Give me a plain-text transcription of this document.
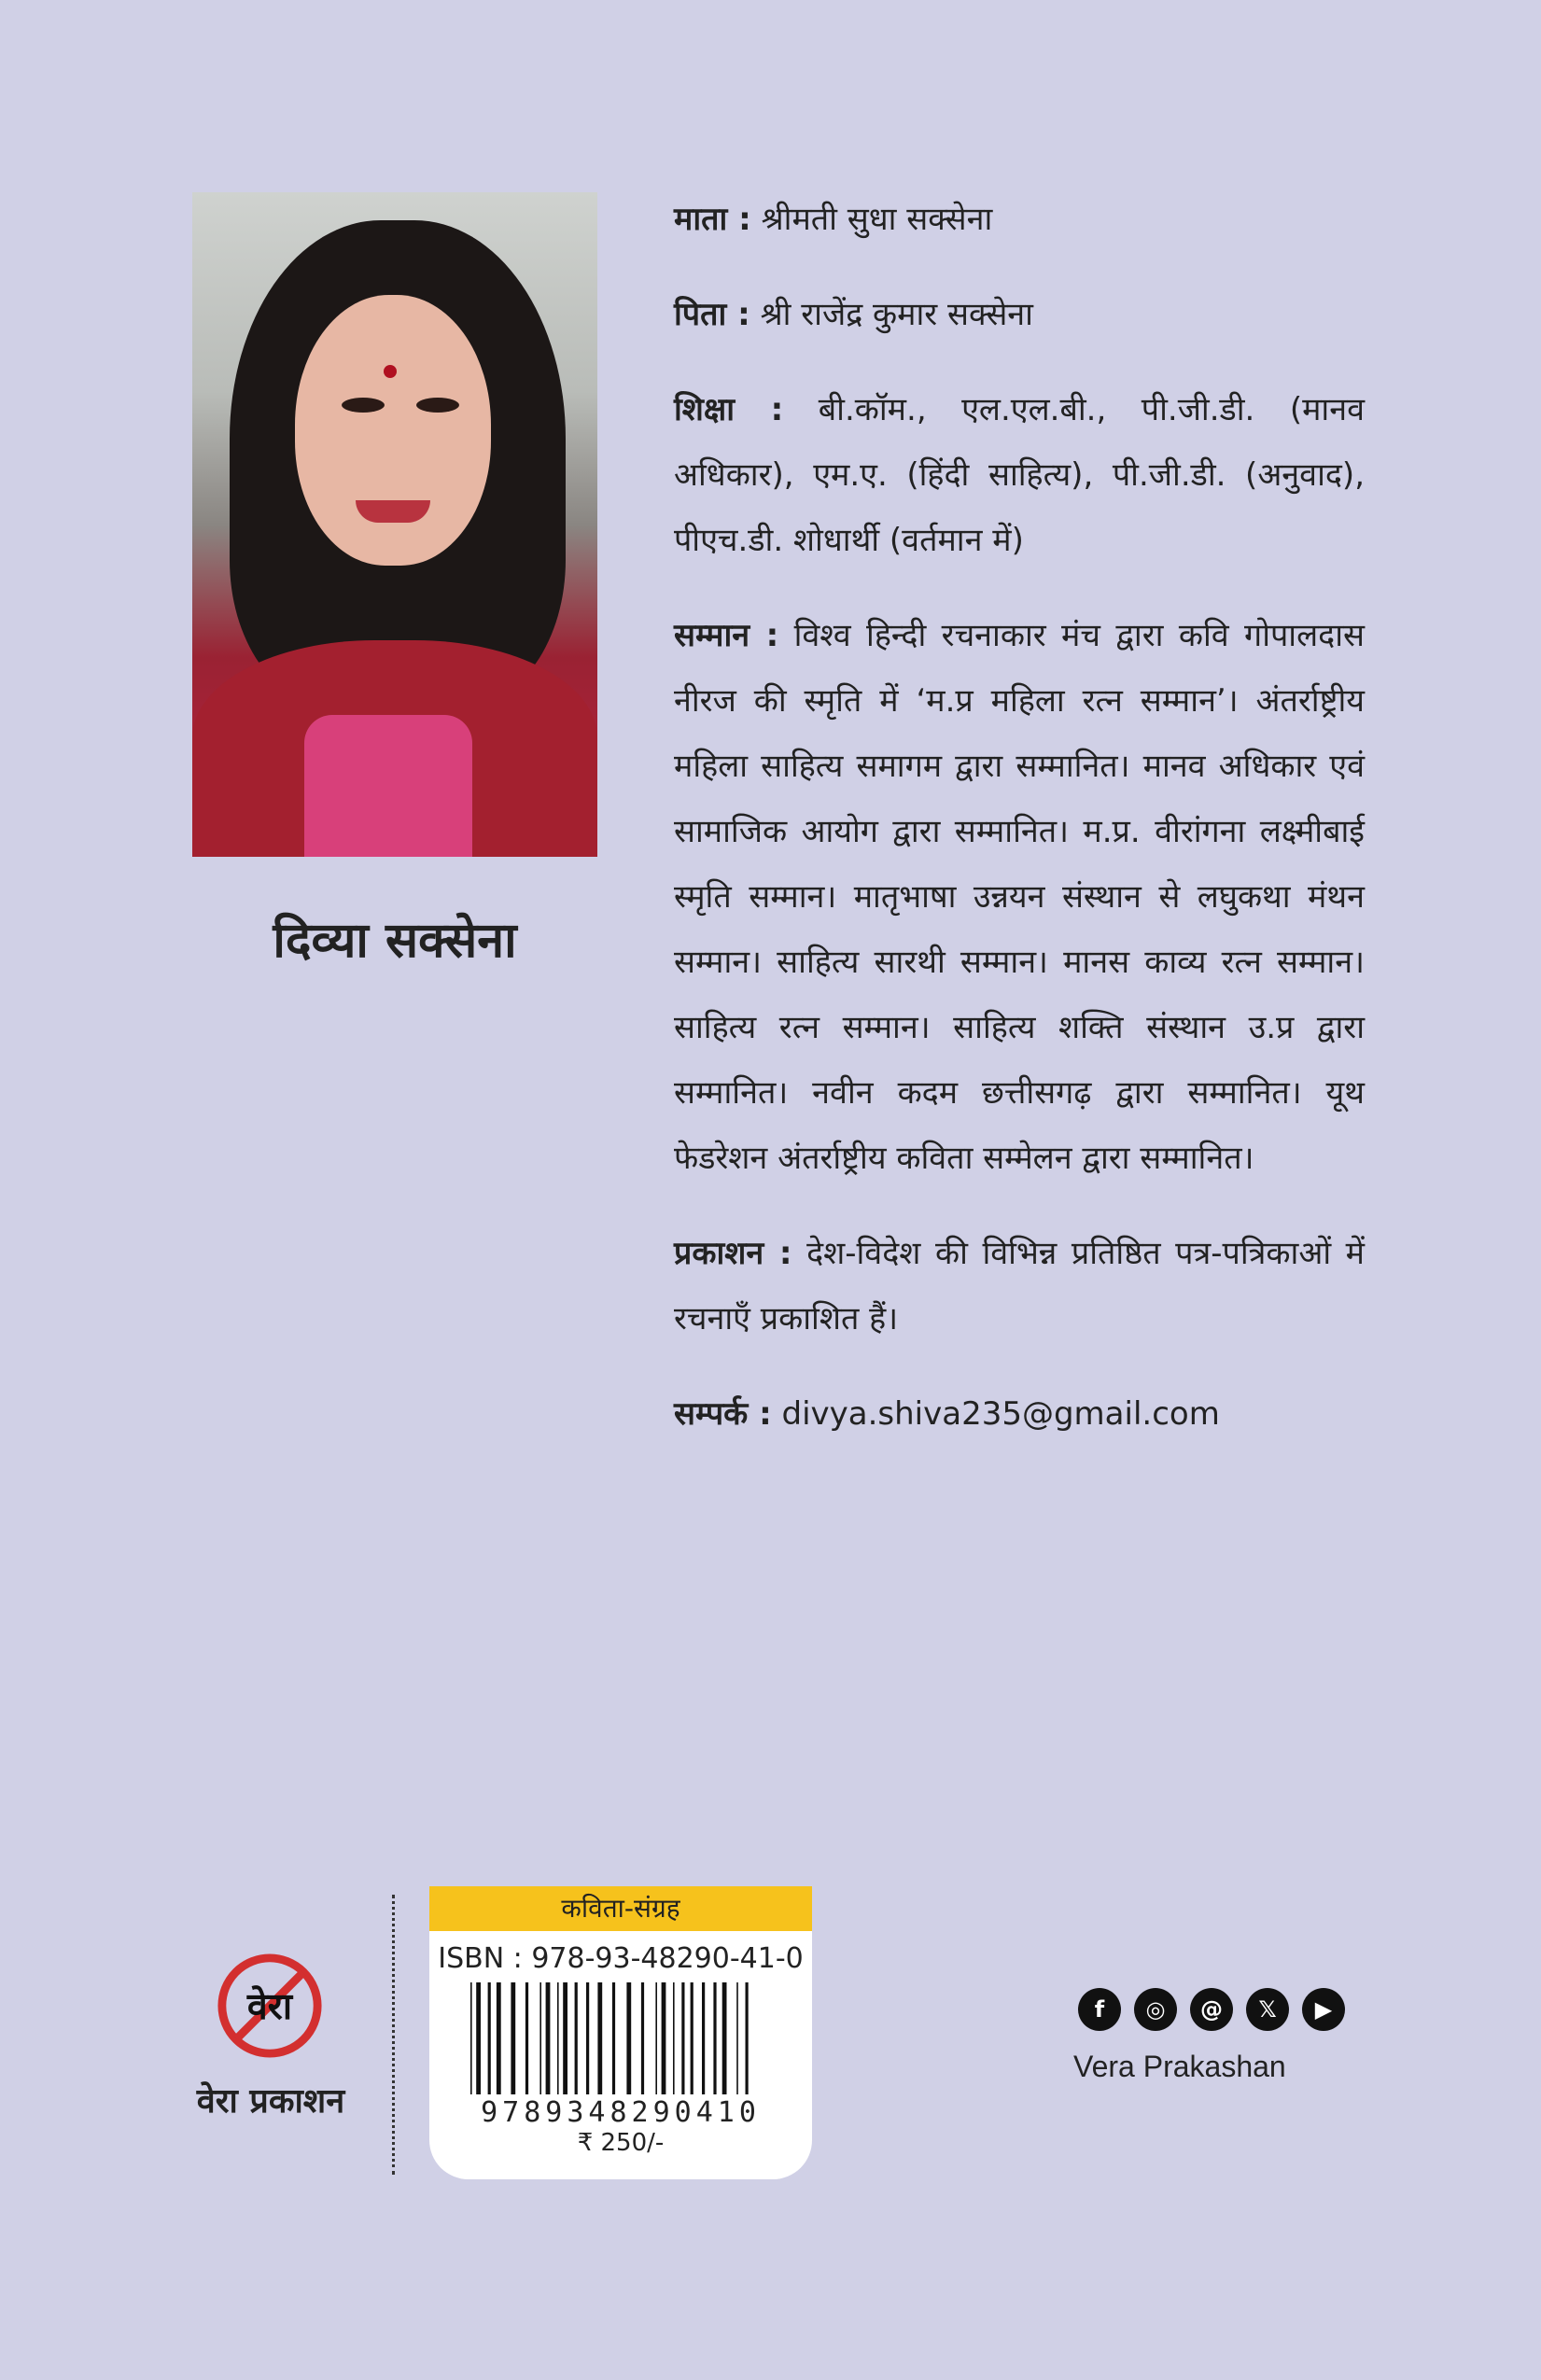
दिव्या सक्सेना

माता : श्रीमती सुधा सक्सेना

पिता : श्री राजेंद्र कुमार सक्सेना

शिक्षा : बी.कॉम., एल.एल.बी., पी.जी.डी. (मानव अधिकार), एम.ए. (हिंदी साहित्य), पी.जी.डी. (अनुवाद), पीएच.डी. शोधार्थी (वर्तमान में)

सम्मान : विश्व हिन्दी रचनाकार मंच द्वारा कवि गोपालदास नीरज की स्मृति में ‘म.प्र महिला रत्न सम्मान’। अंतर्राष्ट्रीय महिला साहित्य समागम द्वारा सम्मानित। मानव अधिकार एवं सामाजिक आयोग द्वारा सम्मानित। म.प्र. वीरांगना लक्ष्मीबाई स्मृति सम्मान। मातृभाषा उन्नयन संस्थान से लघुकथा मंथन सम्मान। साहित्य सारथी सम्मान। मानस काव्य रत्न सम्मान। साहित्य रत्न सम्मान। साहित्य शक्ति संस्थान उ.प्र द्वारा सम्मानित। नवीन कदम छत्तीसगढ़ द्वारा सम्मानित। यूथ फेडरेशन अंतर्राष्ट्रीय कविता सम्मेलन द्वारा सम्मानित।

प्रकाशन : देश-विदेश की विभिन्न प्रतिष्ठित पत्र-पत्रिकाओं में रचनाएँ प्रकाशित हैं।

सम्पर्क : divya.shiva235@gmail.com

वेरा
वेरा प्रकाशन
कविता-संग्रह
ISBN : 978-93-48290-41-0
9789348290410
₹ 250/-
f	◎	@	𝕏	▶
Vera Prakashan
